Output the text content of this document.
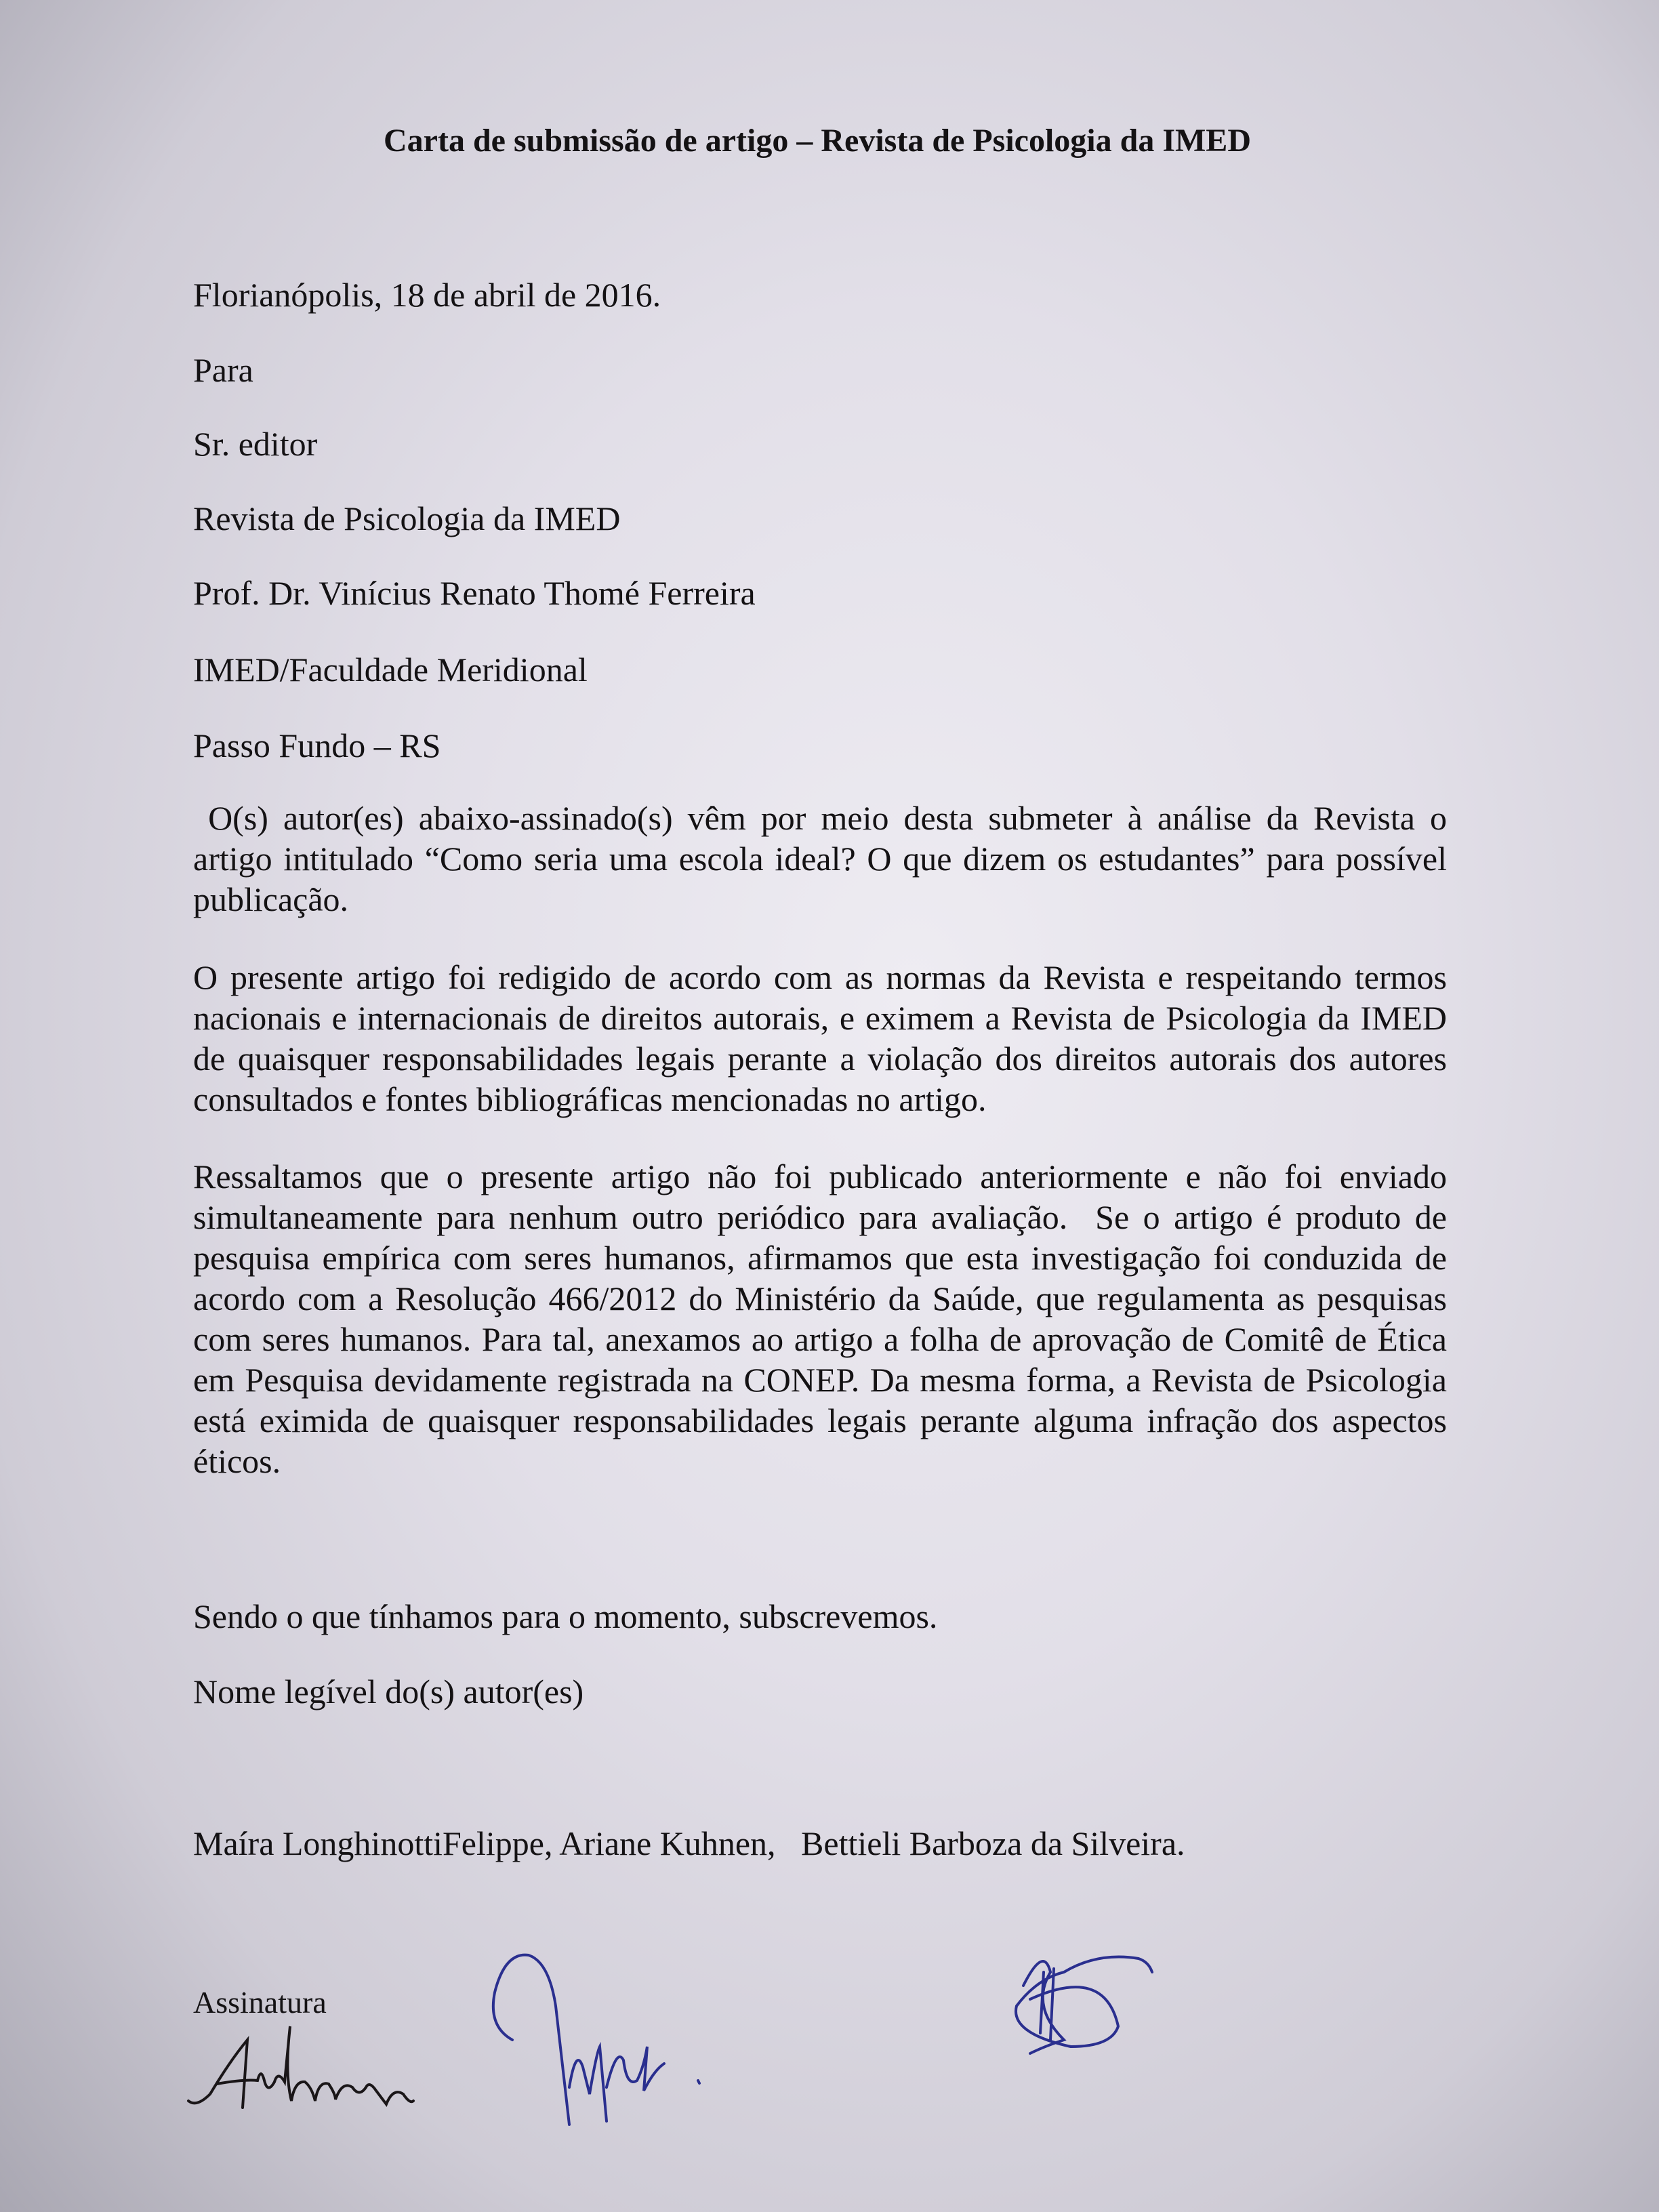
Carta de submissão de artigo – Revista de Psicologia da IMED
Florianópolis, 18 de abril de 2016.
Para
Sr. editor
Revista de Psicologia da IMED
Prof. Dr. Vinícius Renato Thomé Ferreira
IMED/Faculdade Meridional
Passo Fundo – RS
O(s) autor(es) abaixo-assinado(s) vêm por meio desta submeter à análise da Revista o artigo intitulado “Como seria uma escola ideal? O que dizem os estudantes” para possível publicação.
O presente artigo foi redigido de acordo com as normas da Revista e respeitando termos nacionais e internacionais de direitos autorais, e eximem a Revista de Psicologia da IMED de quaisquer responsabilidades legais perante a violação dos direitos autorais dos autores consultados e fontes bibliográficas mencionadas no artigo.
Ressaltamos que o presente artigo não foi publicado anteriormente e não foi enviado simultaneamente para nenhum outro periódico para avaliação.  Se o artigo é produto de pesquisa empírica com seres humanos, afirmamos que esta investigação foi conduzida de acordo com a Resolução 466/2012 do Ministério da Saúde, que regulamenta as pesquisas com seres humanos. Para tal, anexamos ao artigo a folha de aprovação de Comitê de Ética em Pesquisa devidamente registrada na CONEP. Da mesma forma, a Revista de Psicologia está eximida de quaisquer responsabilidades legais perante alguma infração dos aspectos éticos.
Sendo o que tínhamos para o momento, subscrevemos.
Nome legível do(s) autor(es)
Maíra LonghinottiFelippe, Ariane Kuhnen,   Bettieli Barboza da Silveira.
Assinatura
